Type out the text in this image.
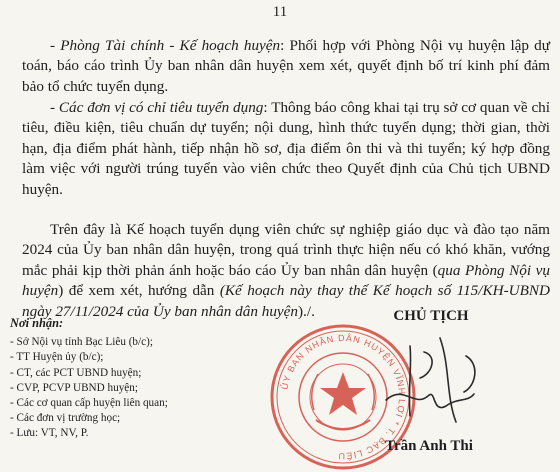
11

- Phòng Tài chính - Kế hoạch huyện: Phối hợp với Phòng Nội vụ huyện lập dự toán, báo cáo trình Ủy ban nhân dân huyện xem xét, quyết định bố trí kinh phí đảm bảo tổ chức tuyển dụng.

- Các đơn vị có chỉ tiêu tuyển dụng: Thông báo công khai tại trụ sở cơ quan về chỉ tiêu, điều kiện, tiêu chuẩn dự tuyển; nội dung, hình thức tuyển dụng; thời gian, thời hạn, địa điểm phát hành, tiếp nhận hồ sơ, địa điểm ôn thi và thi tuyển; ký hợp đồng làm việc với người trúng tuyển vào viên chức theo Quyết định của Chủ tịch UBND huyện.

Trên đây là Kế hoạch tuyển dụng viên chức sự nghiệp giáo dục và đào tạo năm 2024 của Ủy ban nhân dân huyện, trong quá trình thực hiện nếu có khó khăn, vướng mắc phải kịp thời phản ánh hoặc báo cáo Ủy ban nhân dân huyện (qua Phòng Nội vụ huyện) để xem xét, hướng dẫn (Kế hoạch này thay thế Kế hoạch số 115/KH-UBND ngày 27/11/2024 của Ủy ban nhân dân huyện)./.

Nơi nhận:
- Sở Nội vụ tỉnh Bạc Liêu (b/c);
- TT Huyện ủy (b/c);
- CT, các PCT UBND huyện;
- CVP, PCVP UBND huyện;
- Các cơ quan cấp huyện liên quan;
- Các đơn vị trường học;
- Lưu: VT, NV, P.
ỦY BAN NHÂN DÂN HUYỆN VĨNH LỢI * T. BẠC LIÊU
CHỦ TỊCH
Trần Anh Thi
